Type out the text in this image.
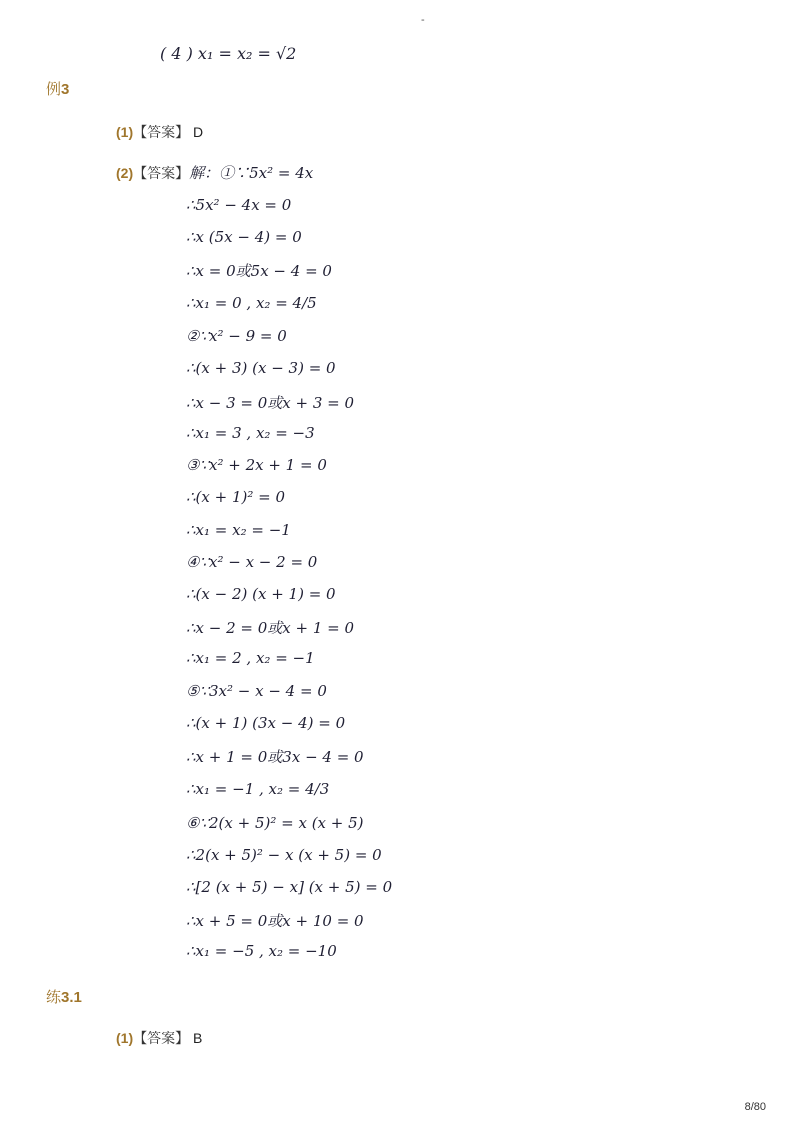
-
( 4 ) x₁ = x₂ = √2
例3
(1)【答案】 D
(2)【答案】解：①∵5x² = 4x
∴5x² − 4x = 0
∴x (5x − 4) = 0
∴x = 0或5x − 4 = 0
∴x₁ = 0 , x₂ = 4/5
②∵x² − 9 = 0
∴(x + 3) (x − 3) = 0
∴x − 3 = 0或x + 3 = 0
∴x₁ = 3 , x₂ = −3
③∵x² + 2x + 1 = 0
∴(x + 1)² = 0
∴x₁ = x₂ = −1
④∵x² − x − 2 = 0
∴(x − 2) (x + 1) = 0
∴x − 2 = 0或x + 1 = 0
∴x₁ = 2 , x₂ = −1
⑤∵3x² − x − 4 = 0
∴(x + 1) (3x − 4) = 0
∴x + 1 = 0或3x − 4 = 0
∴x₁ = −1 , x₂ = 4/3
⑥∵2(x + 5)² = x (x + 5)
∴2(x + 5)² − x (x + 5) = 0
∴[2 (x + 5) − x] (x + 5) = 0
∴x + 5 = 0或x + 10 = 0
∴x₁ = −5 , x₂ = −10
练3.1
(1)【答案】 B
8/80
